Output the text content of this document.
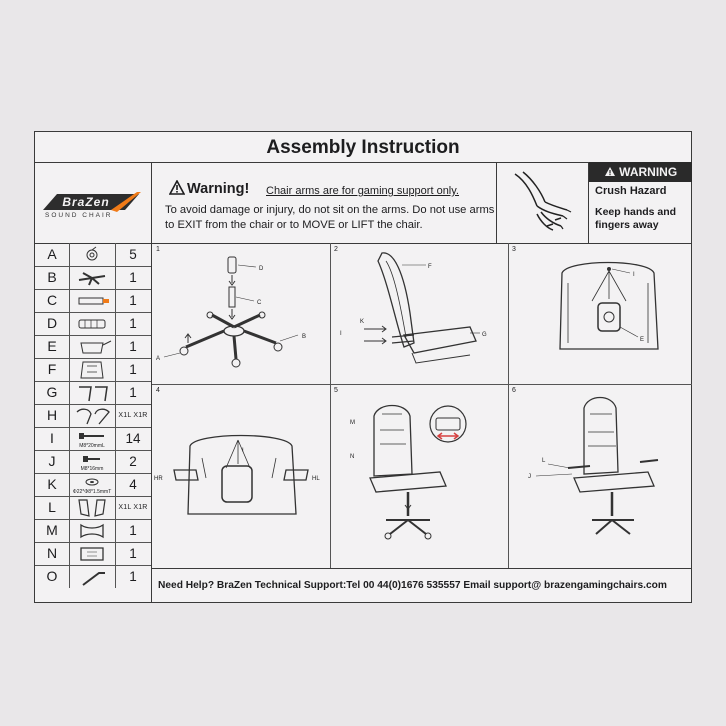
Assembly Instruction
BraZen
SOUND CHAIR
Warning! Chair arms are for gaming support only.
To avoid damage or injury, do not sit on the arms. Do not use arms to EXIT from the chair or to MOVE or LIFT the chair.
WARNING
Crush Hazard
Keep hands and fingers away
A	5
B	1
C	1
D	1
E	1
F	1
G	1
H	X1L X1R
I	M8*20mmL	14
J	M8*16mm	2
K	Φ22*Φ8*1.5mmT	4
L	X1L X1R
M	1
N	1
O	1
1
D
C
B
A
2
F
G
K
I
3
I
E
4
HR	HL
I
5
M
N
6
L
J
Need Help? BraZen Technical Support:Tel 00 44(0)1676 535557 Email support@ brazengamingchairs.com
